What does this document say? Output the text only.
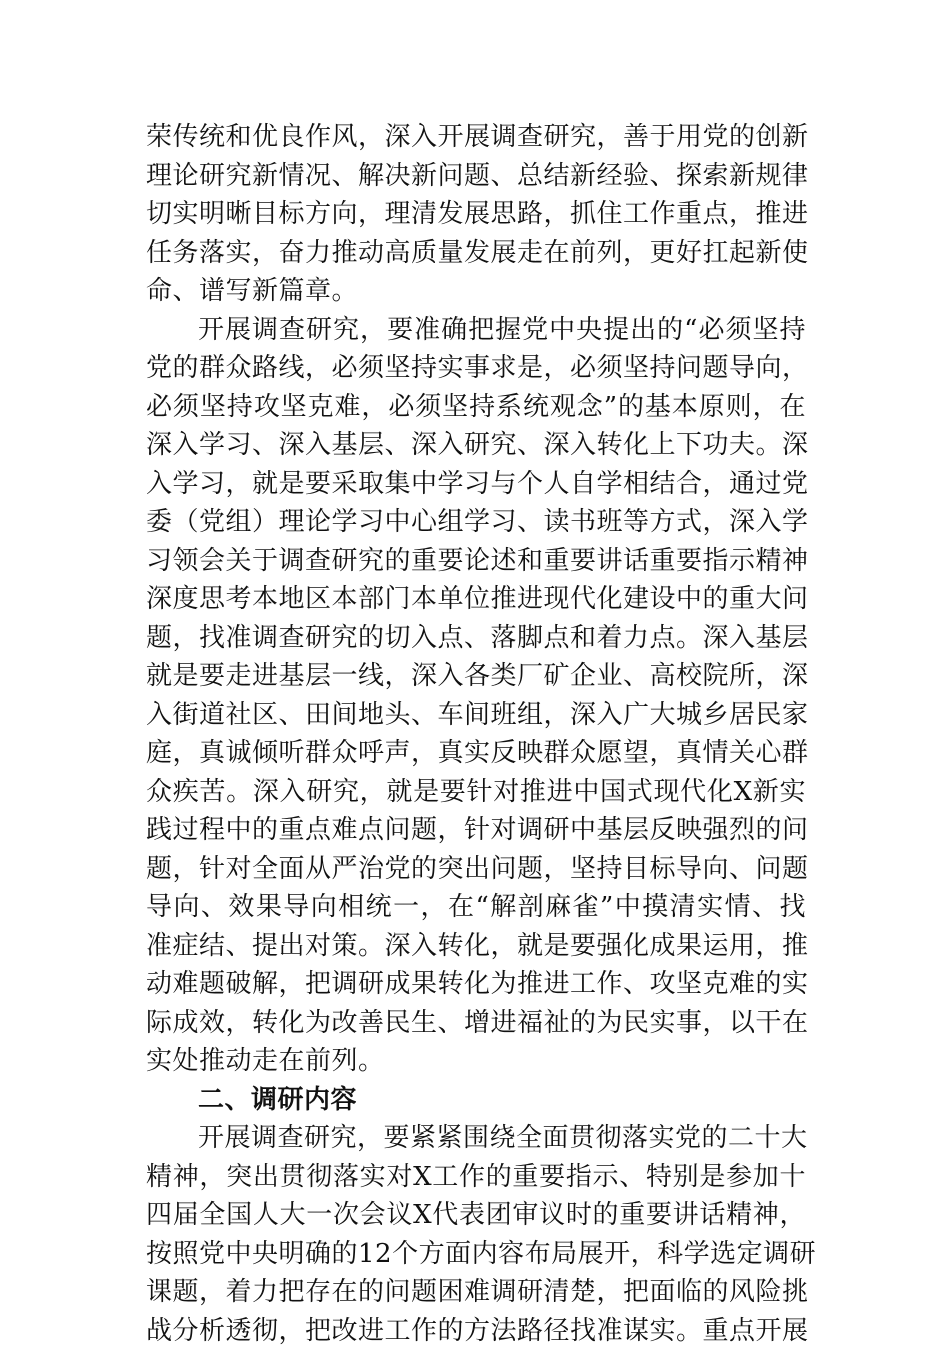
荣传统和优良作风，深入开展调查研究，善于用党的创新
理论研究新情况、解决新问题、总结新经验、探索新规律
切实明晰目标方向，理清发展思路，抓住工作重点，推进
任务落实，奋力推动高质量发展走在前列，更好扛起新使
命、谱写新篇章。
开展调查研究，要准确把握党中央提出的“必须坚持
党的群众路线，必须坚持实事求是，必须坚持问题导向，
必须坚持攻坚克难，必须坚持系统观念”的基本原则，在
深入学习、深入基层、深入研究、深入转化上下功夫。深
入学习，就是要采取集中学习与个人自学相结合，通过党
委（党组）理论学习中心组学习、读书班等方式，深入学
习领会关于调查研究的重要论述和重要讲话重要指示精神
深度思考本地区本部门本单位推进现代化建设中的重大问
题，找准调查研究的切入点、落脚点和着力点。深入基层
就是要走进基层一线，深入各类厂矿企业、高校院所，深
入街道社区、田间地头、车间班组，深入广大城乡居民家
庭，真诚倾听群众呼声，真实反映群众愿望，真情关心群
众疾苦。深入研究，就是要针对推进中国式现代化X新实
践过程中的重点难点问题，针对调研中基层反映强烈的问
题，针对全面从严治党的突出问题，坚持目标导向、问题
导向、效果导向相统一，在“解剖麻雀”中摸清实情、找
准症结、提出对策。深入转化，就是要强化成果运用，推
动难题破解，把调研成果转化为推进工作、攻坚克难的实
际成效，转化为改善民生、增进福祉的为民实事，以干在
实处推动走在前列。
二、调研内容
开展调查研究，要紧紧围绕全面贯彻落实党的二十大
精神，突出贯彻落实对X工作的重要指示、特别是参加十
四届全国人大一次会议X代表团审议时的重要讲话精神，
按照党中央明确的12个方面内容布局展开，科学选定调研
课题，着力把存在的问题困难调研清楚，把面临的风险挑
战分析透彻，把改进工作的方法路径找准谋实。重点开展
